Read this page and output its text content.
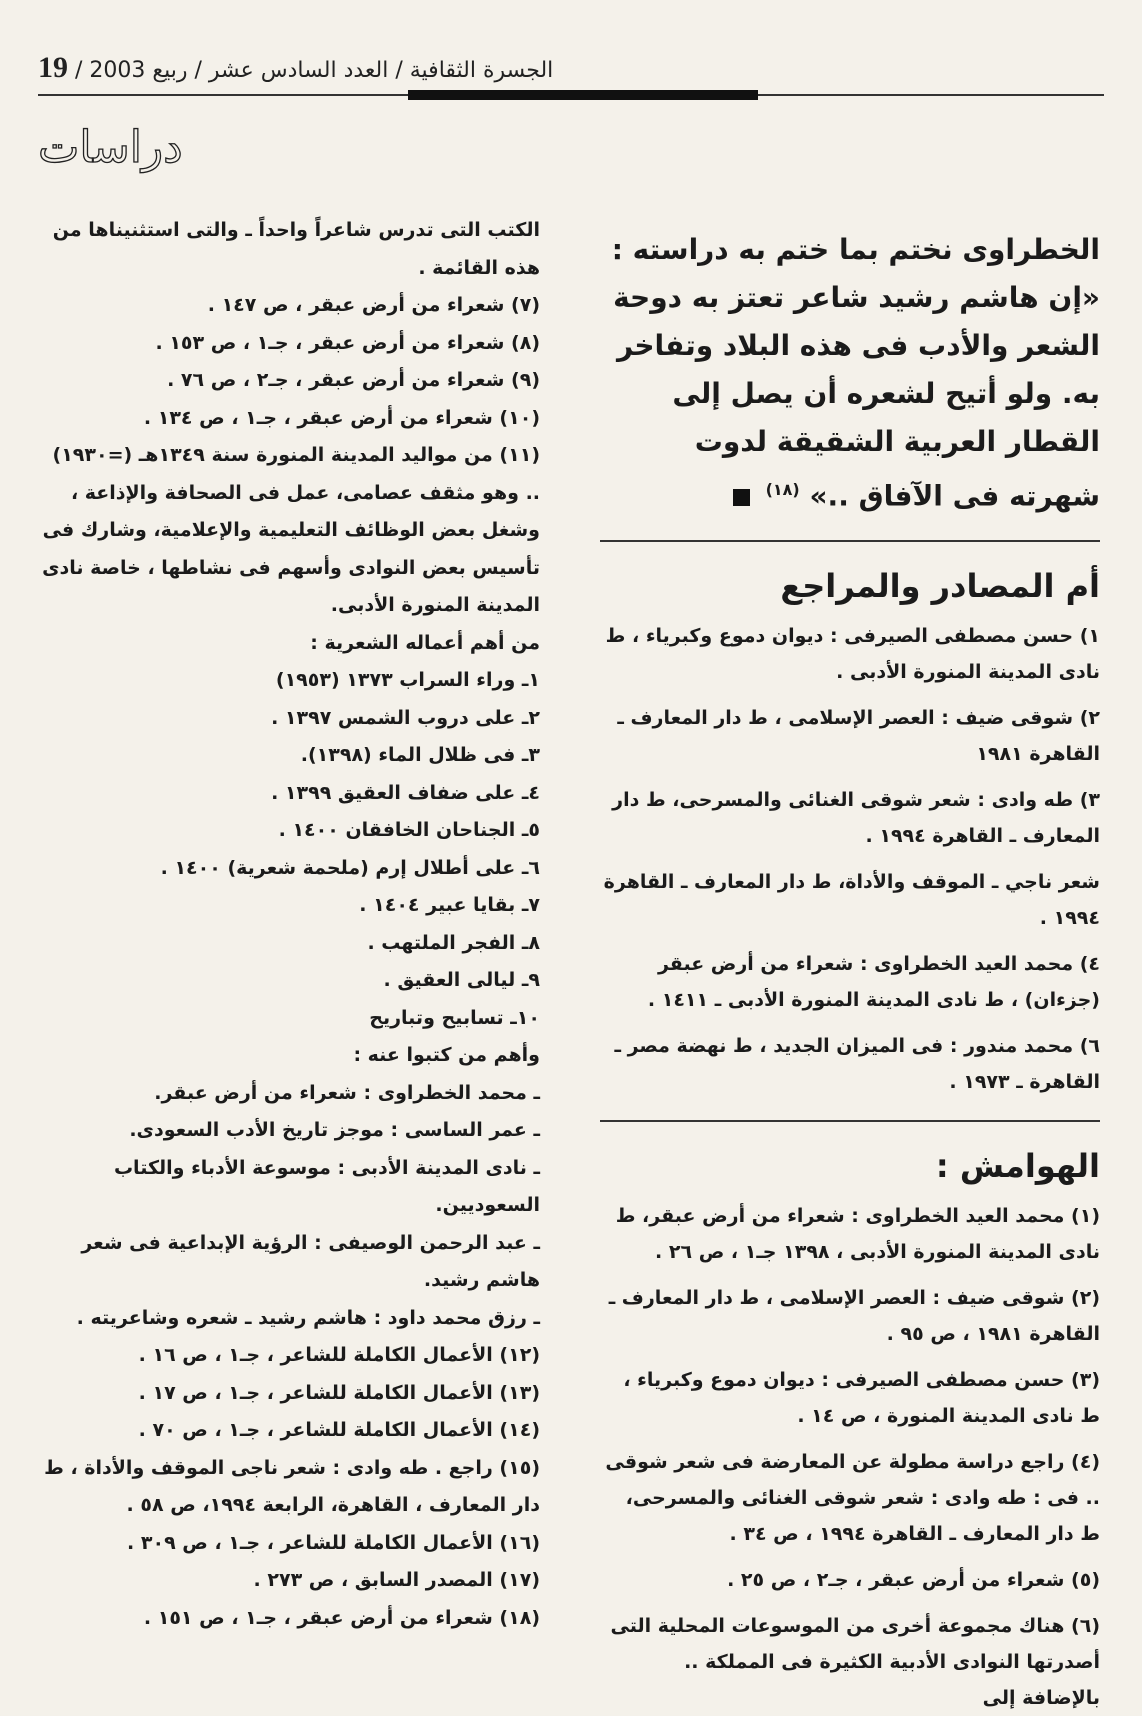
الجسرة الثقافية / العدد السادس عشر / ربيع 2003 / 19
دراسات

الخطراوى نختم بما ختم به دراسته : «إن هاشم رشيد شاعر تعتز به دوحة الشعر والأدب فى هذه البلاد وتفاخر به. ولو أتيح لشعره أن يصل إلى القطار العربية الشقيقة لدوت شهرته فى الآفاق ..» $^{(١٨)}$

أم المصادر والمراجع

١) حسن مصطفى الصيرفى : ديوان دموع وكبرياء ، ط نادى المدينة المنورة الأدبى .

٢) شوقى ضيف : العصر الإسلامى ، ط دار المعارف ـ القاهرة ١٩٨١

٣) طه وادى : شعر شوقى الغنائى والمسرحى، ط دار المعارف ـ القاهرة ١٩٩٤ .

شعر ناجي ـ الموقف والأداة، ط دار المعارف ـ القاهرة ١٩٩٤ .

٤) محمد العيد الخطراوى : شعراء من أرض عبقر (جزءان) ، ط نادى المدينة المنورة الأدبى ـ ١٤١١ .

٦) محمد مندور : فى الميزان الجديد ، ط نهضة مصر ـ القاهرة ـ ١٩٧٣ .

الهوامش :

(١) محمد العيد الخطراوى : شعراء من أرض عبقر، ط نادى المدينة المنورة الأدبى ، ١٣٩٨ جـ١ ، ص ٢٦ .

(٢) شوقى ضيف : العصر الإسلامى ، ط دار المعارف ـ القاهرة ١٩٨١ ، ص ٩٥ .

(٣) حسن مصطفى الصيرفى : ديوان دموع وكبرياء ، ط نادى المدينة المنورة ، ص ١٤ .

(٤) راجع دراسة مطولة عن المعارضة فى شعر شوقى .. فى : طه وادى : شعر شوقى الغنائى والمسرحى، ط دار المعارف ـ القاهرة ١٩٩٤ ، ص ٣٤ .

(٥) شعراء من أرض عبقر ، جـ٢ ، ص ٢٥ .

(٦) هناك مجموعة أخرى من الموسوعات المحلية التى أصدرتها النوادى الأدبية الكثيرة فى المملكة .. بالإضافة إلى

الكتب التى تدرس شاعراً واحداً ـ والتى استثنيناها من هذه القائمة .

(٧) شعراء من أرض عبقر ، ص ١٤٧ .

(٨) شعراء من أرض عبقر ، جـ١ ، ص ١٥٣ .

(٩) شعراء من أرض عبقر ، جـ٢ ، ص ٧٦ .

(١٠) شعراء من أرض عبقر ، جـ١ ، ص ١٣٤ .

(١١) من مواليد المدينة المنورة سنة ١٣٤٩هـ (=١٩٣٠) .. وهو مثقف عصامى، عمل فى الصحافة والإذاعة ، وشغل بعض الوظائف التعليمية والإعلامية، وشارك فى تأسيس بعض النوادى وأسهم فى نشاطها ، خاصة نادى المدينة المنورة الأدبى.

من أهم أعماله الشعرية :

١ـ وراء السراب ١٣٧٣ (١٩٥٣)

٢ـ على دروب الشمس ١٣٩٧ .

٣ـ فى ظلال الماء (١٣٩٨).

٤ـ على ضفاف العقيق ١٣٩٩ .

٥ـ الجناحان الخافقان ١٤٠٠ .

٦ـ على أطلال إرم (ملحمة شعرية) ١٤٠٠ .

٧ـ بقايا عبير ١٤٠٤ .

٨ـ الفجر الملتهب .

٩ـ ليالى العقيق .

١٠ـ تسابيح وتباريح

وأهم من كتبوا عنه :

ـ محمد الخطراوى : شعراء من أرض عبقر.

ـ عمر الساسى : موجز تاريخ الأدب السعودى.

ـ نادى المدينة الأدبى : موسوعة الأدباء والكتاب السعوديين.

ـ عبد الرحمن الوصيفى : الرؤية الإبداعية فى شعر هاشم رشيد.

ـ رزق محمد داود : هاشم رشيد ـ شعره وشاعريته .

(١٢) الأعمال الكاملة للشاعر ، جـ١ ، ص ١٦ .

(١٣) الأعمال الكاملة للشاعر ، جـ١ ، ص ١٧ .

(١٤) الأعمال الكاملة للشاعر ، جـ١ ، ص ٧٠ .

(١٥) راجع . طه وادى : شعر ناجى الموقف والأداة ، ط دار المعارف ، القاهرة، الرابعة ١٩٩٤، ص ٥٨ .

(١٦) الأعمال الكاملة للشاعر ، جـ١ ، ص ٣٠٩ .

(١٧) المصدر السابق ، ص ٢٧٣ .

(١٨) شعراء من أرض عبقر ، جـ١ ، ص ١٥١ .
